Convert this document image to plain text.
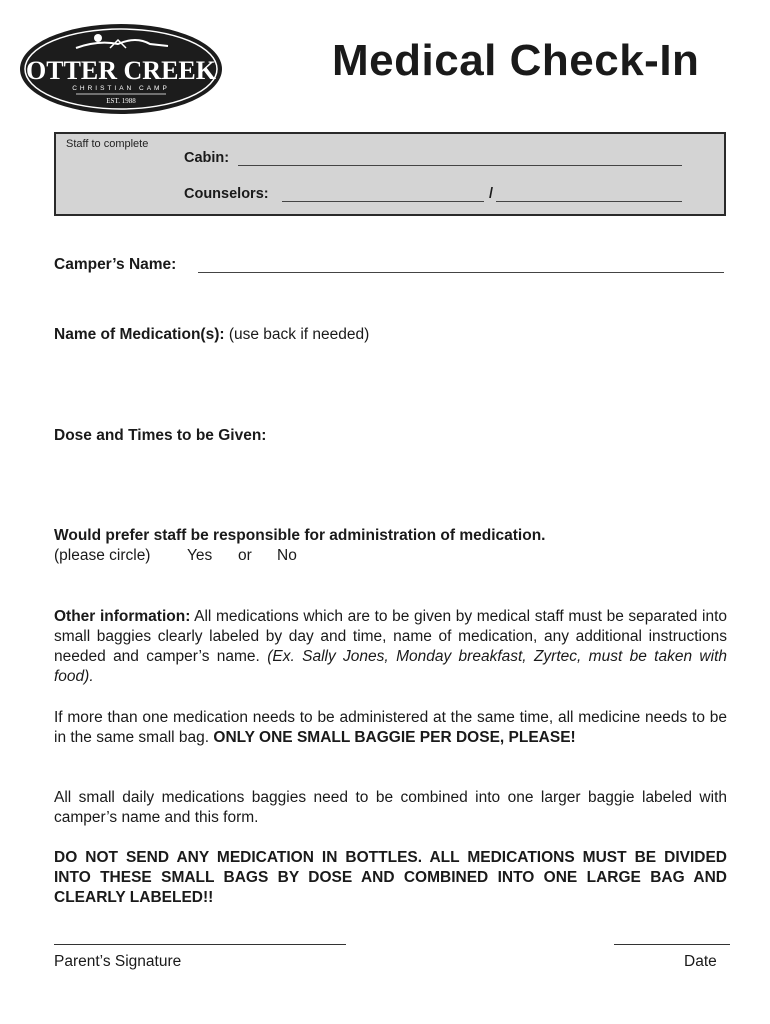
OTTER CREEK
CHRISTIAN CAMP
EST. 1988
Medical Check-In
Staff to complete
Cabin:
Counselors:	/
Camper’s Name:
Name of Medication(s): (use back if needed)
Dose and Times to be Given:
Would prefer staff be responsible for administration of medication.
(please circle) Yes or No
Other information: All medications which are to be given by medical staff must be separated into small baggies clearly labeled by day and time, name of medication, any additional instructions needed and camper’s name. (Ex. Sally Jones, Monday breakfast, Zyrtec, must be taken with food).
If more than one medication needs to be administered at the same time, all medicine needs to be in the same small bag. ONLY ONE SMALL BAGGIE PER DOSE, PLEASE!
All small daily medications baggies need to be combined into one larger baggie labeled with camper’s name and this form.
DO NOT SEND ANY MEDICATION IN BOTTLES. ALL MEDICATIONS MUST BE DIVIDED INTO THESE SMALL BAGS BY DOSE AND COMBINED INTO ONE LARGE BAG AND CLEARLY LABELED!!
Parent’s Signature	Date
